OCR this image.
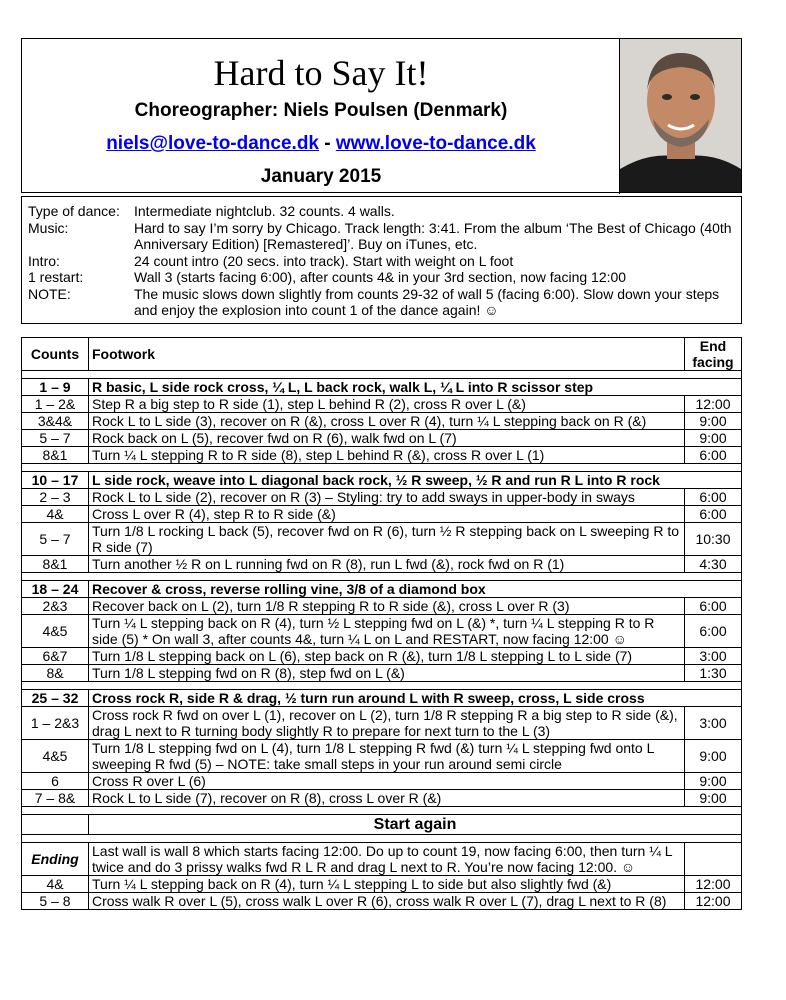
Hard to Say It!
Choreographer: Niels Poulsen (Denmark)
niels@love-to-dance.dk - www.love-to-dance.dk
January 2015
Type of dance:	Intermediate nightclub. 32 counts. 4 walls.
Music:	Hard to say I’m sorry by Chicago. Track length: 3:41. From the album ‘The Best of Chicago (40th Anniversary Edition) [Remastered]’. Buy on iTunes, etc.
Intro:	24 count intro (20 secs. into track). Start with weight on L foot
1 restart:	Wall 3 (starts facing 6:00), after counts 4& in your 3rd section, now facing 12:00
NOTE:	The music slows down slightly from counts 29-32 of wall 5 (facing 6:00). Slow down your steps and enjoy the explosion into count 1 of the dance again! ☺
Counts	Footwork	End facing

1 – 9	R basic, L side rock cross, ¼ L, L back rock, walk L, ¼ L into R scissor step	
1 – 2&	Step R a big step to R side (1), step L behind R (2), cross R over L (&)	12:00
3&4&	Rock L to L side (3), recover on R (&), cross L over R (4), turn ¼ L stepping back on R (&)	9:00
5 – 7	Rock back on L (5), recover fwd on R (6), walk fwd on L (7)	9:00
8&1	Turn ¼ L stepping R to R side (8), step L behind R (&), cross R over L (1)	6:00

10 – 17	L side rock, weave into L diagonal back rock, ½ R sweep, ½ R and run R L into R rock	
2 – 3	Rock L to L side (2), recover on R (3) – Styling: try to add sways in upper-body in sways	6:00
4&	Cross L over R (4), step R to R side (&)	6:00
5 – 7	Turn 1/8 L rocking L back (5), recover fwd on R (6), turn ½ R stepping back on L sweeping R to R side (7)	10:30
8&1	Turn another ½ R on L running fwd on R (8), run L fwd (&), rock fwd on R (1)	4:30

18 – 24	Recover & cross, reverse rolling vine, 3/8 of a diamond box	
2&3	Recover back on L (2), turn 1/8 R stepping R to R side (&), cross L over R (3)	6:00
4&5	Turn ¼ L stepping back on R (4), turn ½ L stepping fwd on L (&) *, turn ¼ L stepping R to R side (5) * On wall 3, after counts 4&, turn ¼ L on L and RESTART, now facing 12:00 ☺	6:00
6&7	Turn 1/8 L stepping back on L (6), step back on R (&), turn 1/8 L stepping L to L side (7)	3:00
8&	Turn 1/8 L stepping fwd on R (8), step fwd on L (&)	1:30

25 – 32	Cross rock R, side R & drag, ½ turn run around L with R sweep, cross, L side cross	
1 – 2&3	Cross rock R fwd on over L (1), recover on L (2), turn 1/8 R stepping R a big step to R side (&), drag L next to R turning body slightly R to prepare for next turn to the L (3)	3:00
4&5	Turn 1/8 L stepping fwd on L (4), turn 1/8 L stepping R fwd (&) turn ¼ L stepping fwd onto L sweeping R fwd (5) – NOTE: take small steps in your run around semi circle	9:00
6	Cross R over L (6)	9:00
7 – 8&	Rock L to L side (7), recover on R (8), cross L over R (&)	9:00

	Start again	

Ending	Last wall is wall 8 which starts facing 12:00. Do up to count 19, now facing 6:00, then turn ¼ L twice and do 3 prissy walks fwd R L R and drag L next to R. You’re now facing 12:00. ☺	
4&	Turn ¼ L stepping back on R (4), turn ¼ L stepping L to side but also slightly fwd (&)	12:00
5 – 8	Cross walk R over L (5), cross walk L over R (6), cross walk R over L (7), drag L next to R (8)	12:00
